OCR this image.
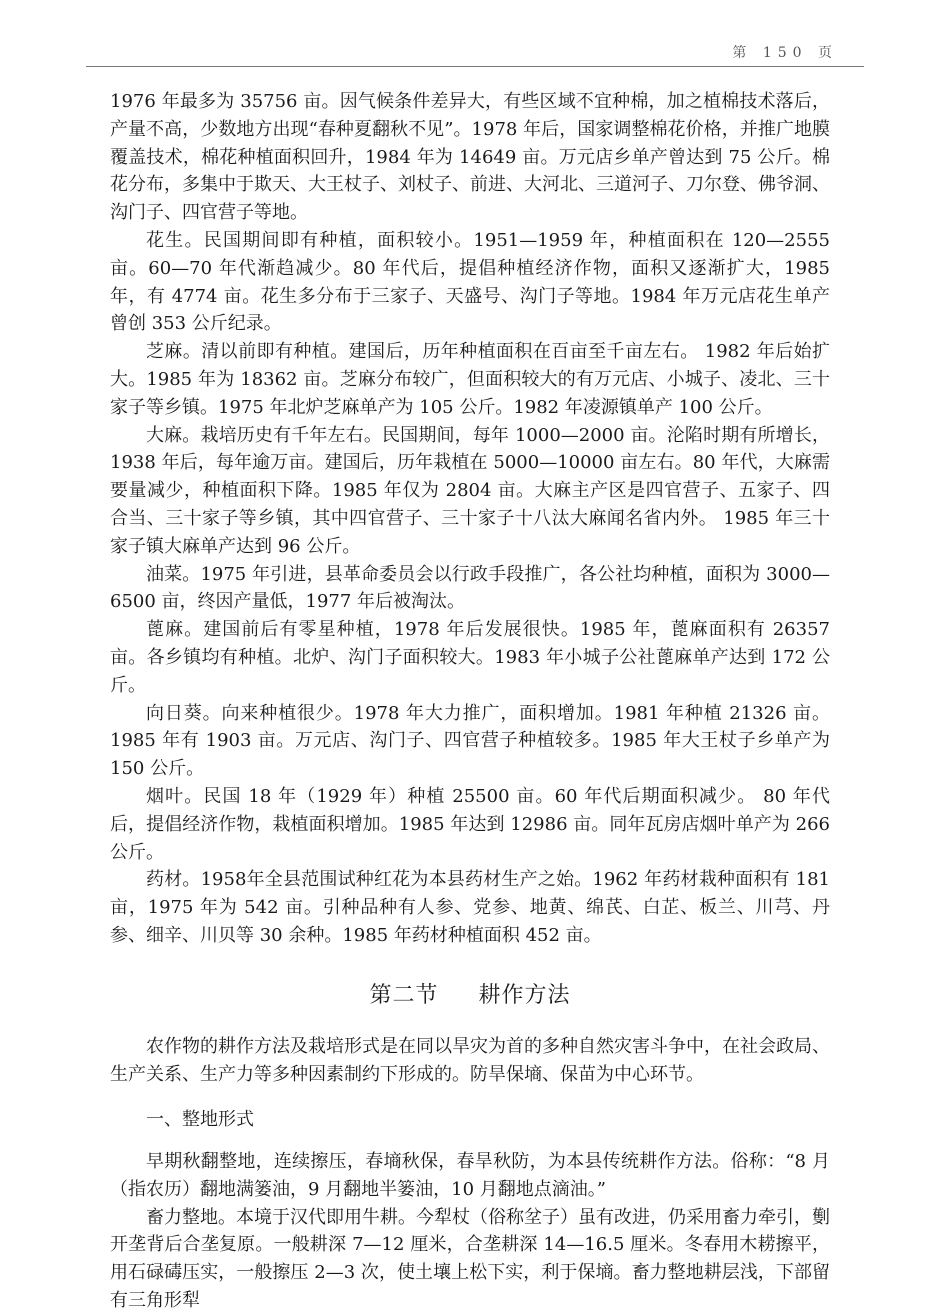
第 150 页

1976 年最多为 35756 亩。因气候条件差异大，有些区域不宜种棉，加之植棉技术落后，产量不高，少数地方出现“春种夏翻秋不见”。1978 年后，国家调整棉花价格，并推广地膜覆盖技术，棉花种植面积回升，1984 年为 14649 亩。万元店乡单产曾达到 75 公斤。棉花分布，多集中于欺天、大王杖子、刘杖子、前进、大河北、三道河子、刀尔登、佛爷洞、沟门子、四官营子等地。

花生。民国期间即有种植，面积较小。1951—1959 年，种植面积在 120—2555 亩。60—70 年代渐趋减少。80 年代后，提倡种植经济作物，面积又逐渐扩大，1985 年，有 4774 亩。花生多分布于三家子、天盛号、沟门子等地。1984 年万元店花生单产曾创 353 公斤纪录。

芝麻。清以前即有种植。建国后，历年种植面积在百亩至千亩左右。 1982 年后始扩大。1985 年为 18362 亩。芝麻分布较广，但面积较大的有万元店、小城子、凌北、三十家子等乡镇。1975 年北炉芝麻单产为 105 公斤。1982 年凌源镇单产 100 公斤。

大麻。栽培历史有千年左右。民国期间，每年 1000—2000 亩。沦陷时期有所增长，1938 年后，每年逾万亩。建国后，历年栽植在 5000—10000 亩左右。80 年代，大麻需要量减少，种植面积下降。1985 年仅为 2804 亩。大麻主产区是四官营子、五家子、四合当、三十家子等乡镇，其中四官营子、三十家子十八汰大麻闻名省内外。 1985 年三十家子镇大麻单产达到 96 公斤。

油菜。1975 年引进，县革命委员会以行政手段推广，各公社均种植，面积为 3000—6500 亩，终因产量低，1977 年后被淘汰。

蓖麻。建国前后有零星种植，1978 年后发展很快。1985 年，蓖麻面积有 26357 亩。各乡镇均有种植。北炉、沟门子面积较大。1983 年小城子公社蓖麻单产达到 172 公斤。

向日葵。向来种植很少。1978 年大力推广，面积增加。1981 年种植 21326 亩。1985 年有 1903 亩。万元店、沟门子、四官营子种植较多。1985 年大王杖子乡单产为 150 公斤。

烟叶。民国 18 年（1929 年）种植 25500 亩。60 年代后期面积减少。 80 年代后，提倡经济作物，栽植面积增加。1985 年达到 12986 亩。同年瓦房店烟叶单产为 266 公斤。

药材。1958年全县范围试种红花为本县药材生产之始。1962 年药材栽种面积有 181 亩，1975 年为 542 亩。引种品种有人参、党参、地黄、绵芪、白芷、板兰、川芎、丹参、细辛、川贝等 30 余种。1985 年药材种植面积 452 亩。

第二节 耕作方法

农作物的耕作方法及栽培形式是在同以旱灾为首的多种自然灾害斗争中，在社会政局、生产关系、生产力等多种因素制约下形成的。防旱保墒、保苗为中心环节。

一、整地形式

早期秋翻整地，连续擦压，春墒秋保，春旱秋防，为本县传统耕作方法。俗称：“8 月（指农历）翻地满篓油，9 月翻地半篓油，10 月翻地点滴油。”

畜力整地。本境于汉代即用牛耕。今犁杖（俗称坌子）虽有改进，仍采用畜力牵引，劐开垄背后合垄复原。一般耕深 7—12 厘米，合垄耕深 14—16.5 厘米。冬春用木耢擦平，用石碌碡压实，一般擦压 2—3 次，使土壤上松下实，利于保墒。畜力整地耕层浅，下部留有三角形犁
